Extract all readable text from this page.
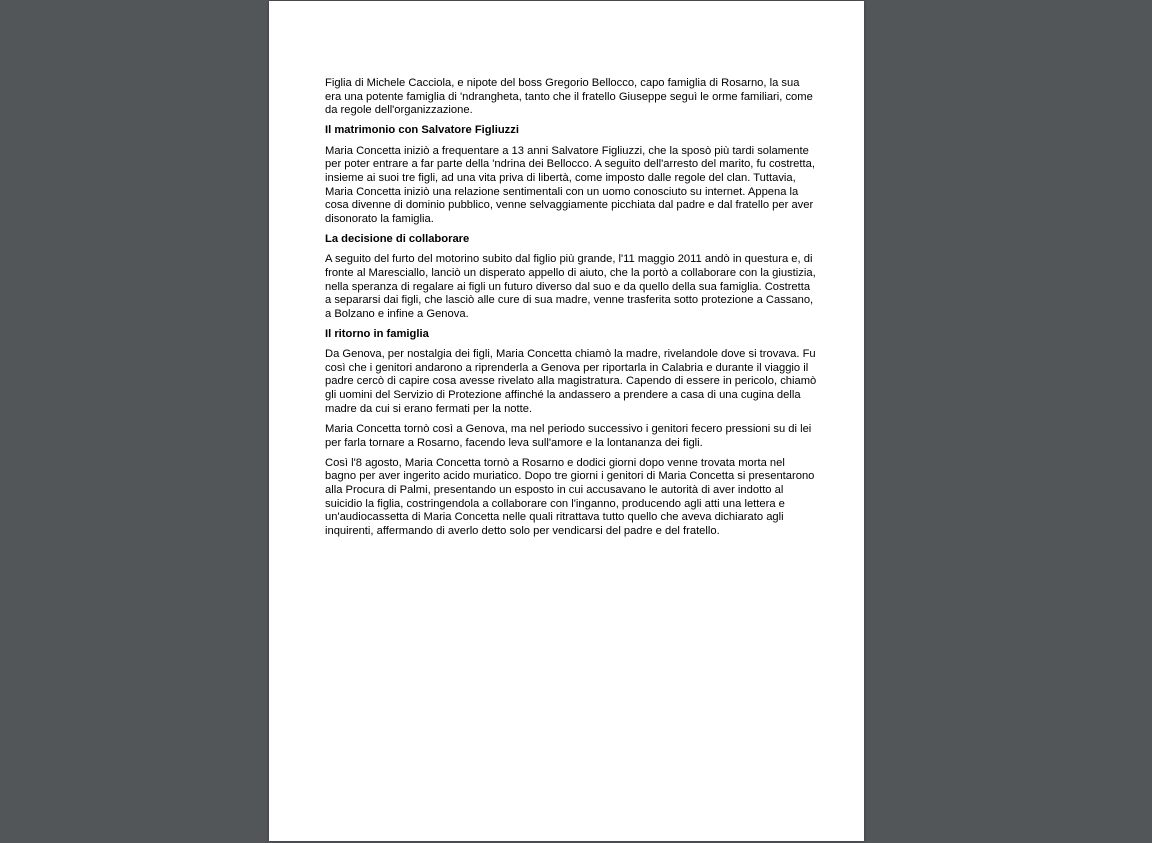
Figlia di Michele Cacciola, e nipote del boss Gregorio Bellocco, capo famiglia di Rosarno, la sua era una potente famiglia di 'ndrangheta, tanto che il fratello Giuseppe seguì le orme familiari, come da regole dell'organizzazione.

Il matrimonio con Salvatore Figliuzzi

Maria Concetta iniziò a frequentare a 13 anni Salvatore Figliuzzi, che la sposò più tardi solamente per poter entrare a far parte della 'ndrina dei Bellocco. A seguito dell'arresto del marito, fu costretta, insieme ai suoi tre figli, ad una vita priva di libertà, come imposto dalle regole del clan. Tuttavia, Maria Concetta iniziò una relazione sentimentali con un uomo conosciuto su internet. Appena la cosa divenne di dominio pubblico, venne selvaggiamente picchiata dal padre e dal fratello per aver disonorato la famiglia.

La decisione di collaborare

A seguito del furto del motorino subito dal figlio più grande, l'11 maggio 2011 andò in questura e, di fronte al Maresciallo, lanciò un disperato appello di aiuto, che la portò a collaborare con la giustizia, nella speranza di regalare ai figli un futuro diverso dal suo e da quello della sua famiglia. Costretta a separarsi dai figli, che lasciò alle cure di sua madre, venne trasferita sotto protezione a Cassano, a Bolzano e infine a Genova.

Il ritorno in famiglia

Da Genova, per nostalgia dei figli, Maria Concetta chiamò la madre, rivelandole dove si trovava. Fu così che i genitori andarono a riprenderla a Genova per riportarla in Calabria e durante il viaggio il padre cercò di capire cosa avesse rivelato alla magistratura. Capendo di essere in pericolo, chiamò gli uomini del Servizio di Protezione affinché la andassero a prendere a casa di una cugina della madre da cui si erano fermati per la notte.

Maria Concetta tornò così a Genova, ma nel periodo successivo i genitori fecero pressioni su di lei per farla tornare a Rosarno, facendo leva sull'amore e la lontananza dei figli.

Così l'8 agosto, Maria Concetta tornò a Rosarno e dodici giorni dopo venne trovata morta nel bagno per aver ingerito acido muriatico. Dopo tre giorni i genitori di Maria Concetta si presentarono alla Procura di Palmi, presentando un esposto in cui accusavano le autorità di aver indotto al suicidio la figlia, costringendola a collaborare con l'inganno, producendo agli atti una lettera e un'audiocassetta di Maria Concetta nelle quali ritrattava tutto quello che aveva dichiarato agli inquirenti, affermando di averlo detto solo per vendicarsi del padre e del fratello.
